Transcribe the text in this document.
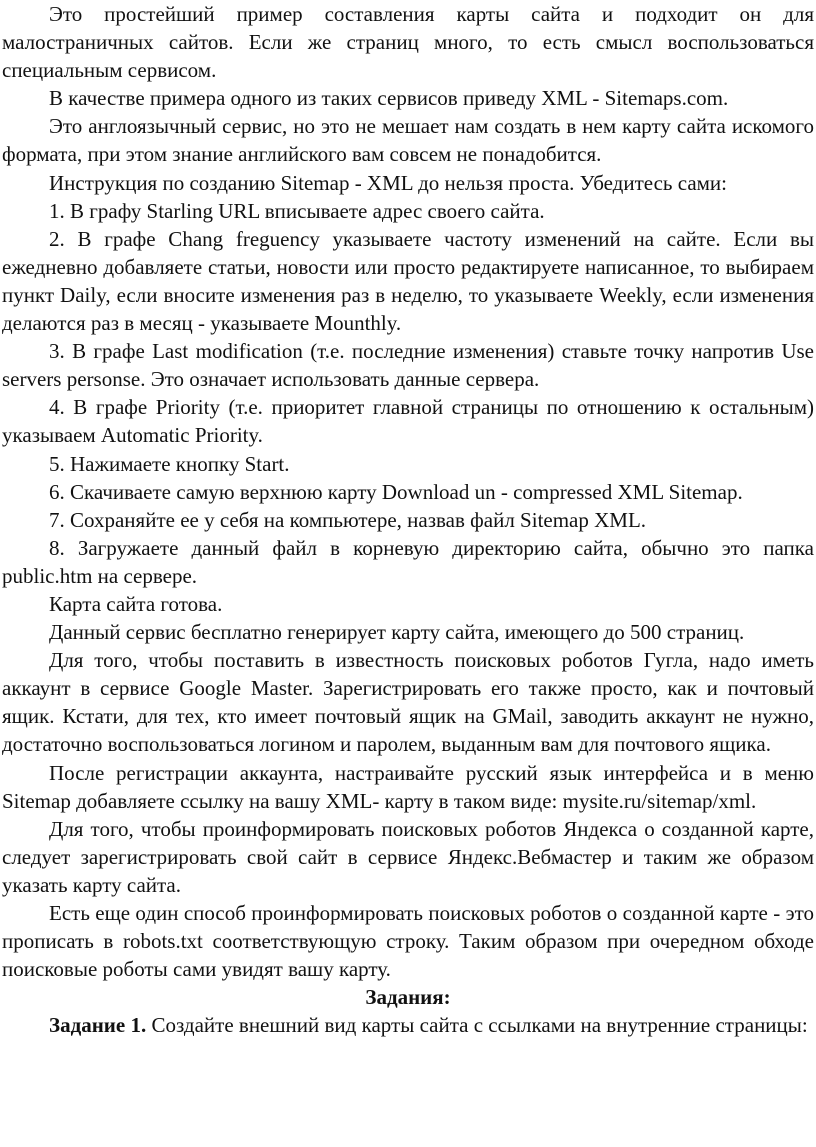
Это простейший пример составления карты сайта и подходит он для малостраничных сайтов. Если же страниц много, то есть смысл воспользоваться специальным сервисом.

В качестве примера одного из таких сервисов приведу XML - Sitemaps.com.

Это англоязычный сервис, но это не мешает нам создать в нем карту сайта искомого формата, при этом знание английского вам совсем не понадобится.

Инструкция по созданию Sitemap - XML до нельзя проста. Убедитесь сами:

1. В графу Starling URL вписываете адрес своего сайта.

2. В графе Chang freguency указываете частоту изменений на сайте. Если вы ежедневно добавляете статьи, новости или просто редактируете написанное, то выбираем пункт Daily, если вносите изменения раз в неделю, то указываете Weekly, если изменения делаются раз в месяц - указываете Mounthly.

3. В графе Last modification (т.е. последние изменения) ставьте точку напротив Use servers personse. Это означает использовать данные сервера.

4. В графе Priority (т.е. приоритет главной страницы по отношению к остальным) указываем Automatic Priority.

5. Нажимаете кнопку Start.

6. Скачиваете самую верхнюю карту Download un - compressed XML Sitemap.

7. Сохраняйте ее у себя на компьютере, назвав файл Sitemap XML.

8. Загружаете данный файл в корневую директорию сайта, обычно это папка public.htm на сервере.

Карта сайта готова.

Данный сервис бесплатно генерирует карту сайта, имеющего до 500 страниц.

Для того, чтобы поставить в известность поисковых роботов Гугла, надо иметь аккаунт в сервисе Google Master. Зарегистрировать его также просто, как и почтовый ящик. Кстати, для тех, кто имеет почтовый ящик на GMail, заводить аккаунт не нужно, достаточно воспользоваться логином и паролем, выданным вам для почтового ящика.

После регистрации аккаунта, настраивайте русский язык интерфейса и в меню Sitemap добавляете ссылку на вашу XML- карту в таком виде: mysite.ru/sitemap/xml.

Для того, чтобы проинформировать поисковых роботов Яндекса о созданной карте, следует зарегистрировать свой сайт в сервисе Яндекс.Вебмастер и таким же образом указать карту сайта.

Есть еще один способ проинформировать поисковых роботов о созданной карте - это прописать в robots.txt соответствующую строку. Таким образом при очередном обходе поисковые роботы сами увидят вашу карту.

Задания:

Задание 1. Создайте внешний вид карты сайта с ссылками на внутренние страницы:
